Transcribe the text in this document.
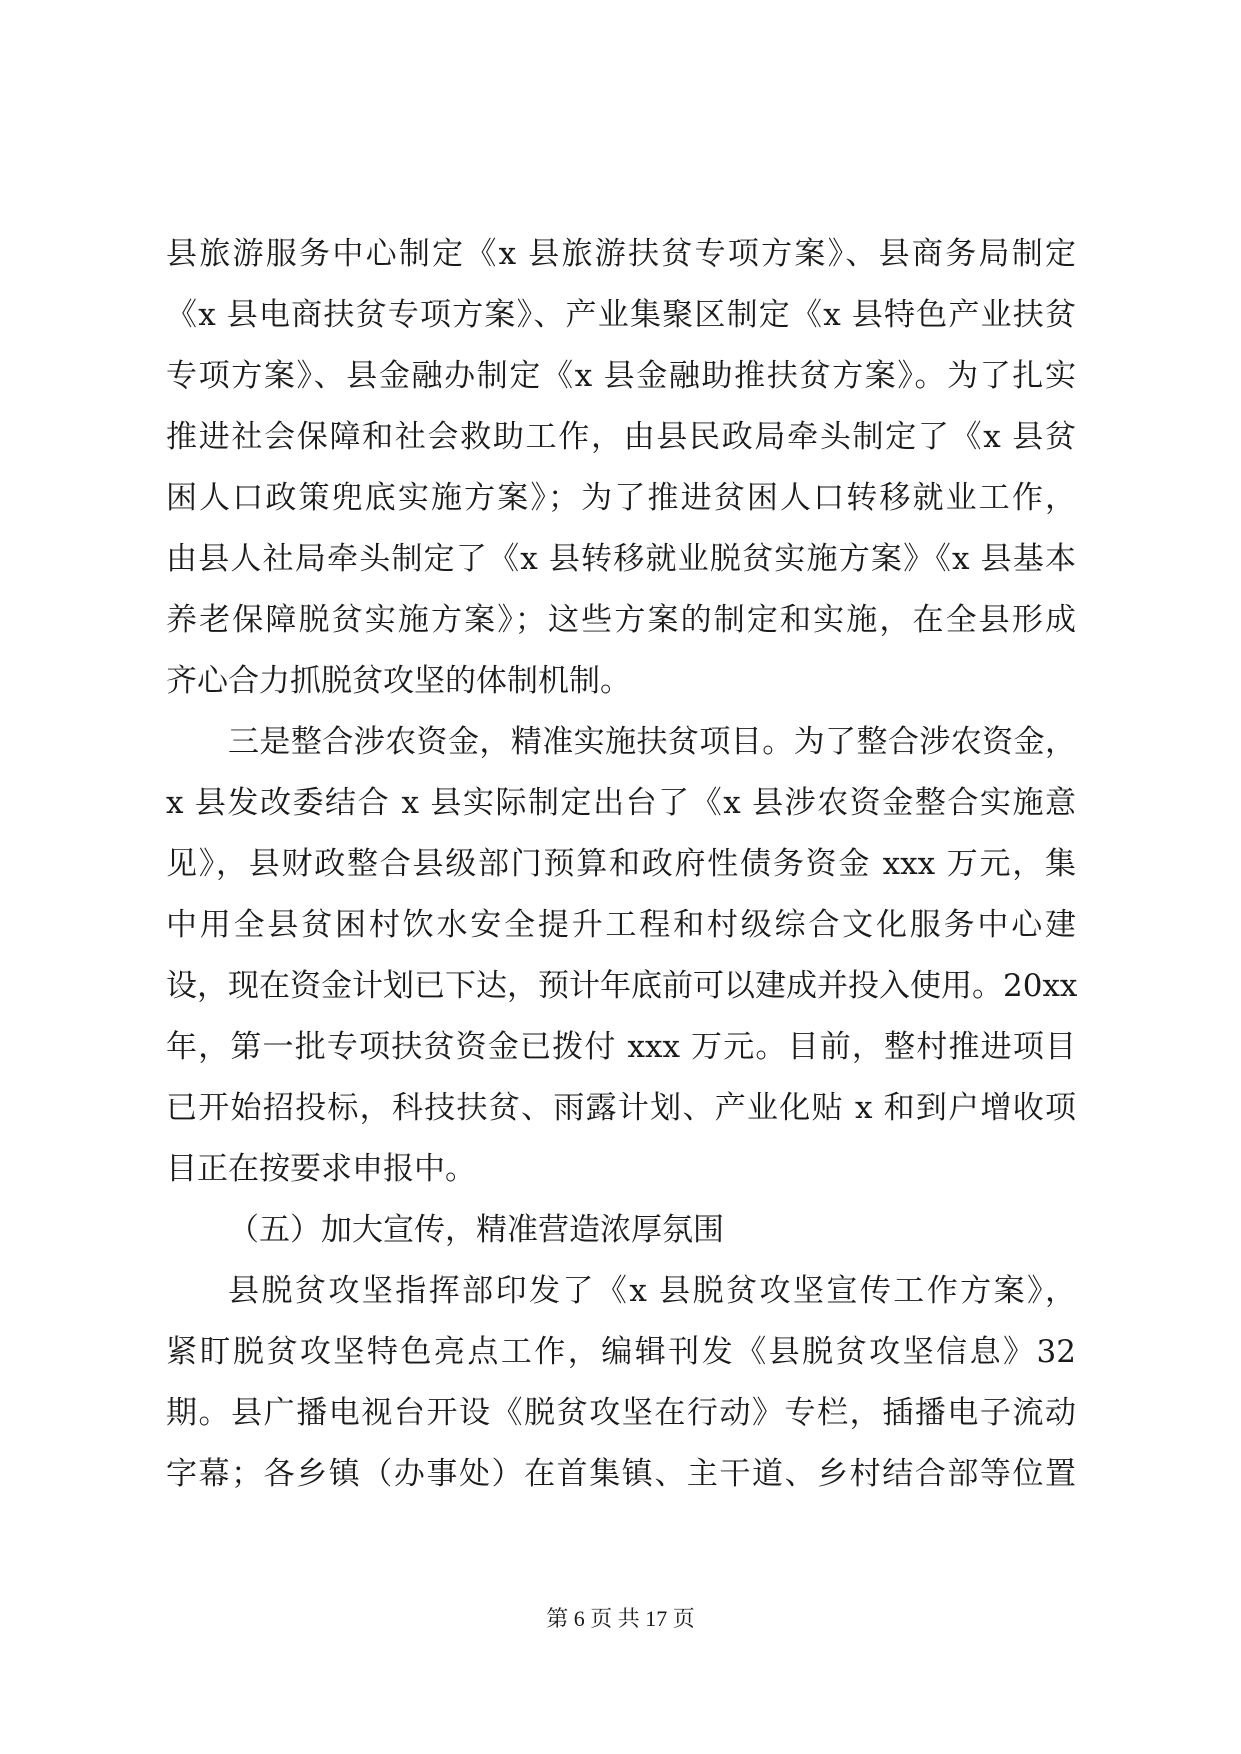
县旅游服务中心制定《x 县旅游扶贫专项方案》、县商务局制定
《x 县电商扶贫专项方案》、产业集聚区制定《x 县特色产业扶贫
专项方案》、县金融办制定《x 县金融助推扶贫方案》。为了扎实
推进社会保障和社会救助工作，由县民政局牵头制定了《x 县贫
困人口政策兜底实施方案》；为了推进贫困人口转移就业工作，
由县人社局牵头制定了《x 县转移就业脱贫实施方案》《x 县基本
养老保障脱贫实施方案》；这些方案的制定和实施，在全县形成
齐心合力抓脱贫攻坚的体制机制。
三是整合涉农资金，精准实施扶贫项目。为了整合涉农资金，
x 县发改委结合 x 县实际制定出台了《x 县涉农资金整合实施意
见》，县财政整合县级部门预算和政府性债务资金 xxx 万元，集
中用全县贫困村饮水安全提升工程和村级综合文化服务中心建
设，现在资金计划已下达，预计年底前可以建成并投入使用。20xx
年，第一批专项扶贫资金已拨付 xxx 万元。目前，整村推进项目
已开始招投标，科技扶贫、雨露计划、产业化贴 x 和到户增收项
目正在按要求申报中。
（五）加大宣传，精准营造浓厚氛围
县脱贫攻坚指挥部印发了《x 县脱贫攻坚宣传工作方案》，
紧盯脱贫攻坚特色亮点工作，编辑刊发《县脱贫攻坚信息》32
期。县广播电视台开设《脱贫攻坚在行动》专栏，插播电子流动
字幕；各乡镇（办事处）在首集镇、主干道、乡村结合部等位置
第 6 页 共 17 页
